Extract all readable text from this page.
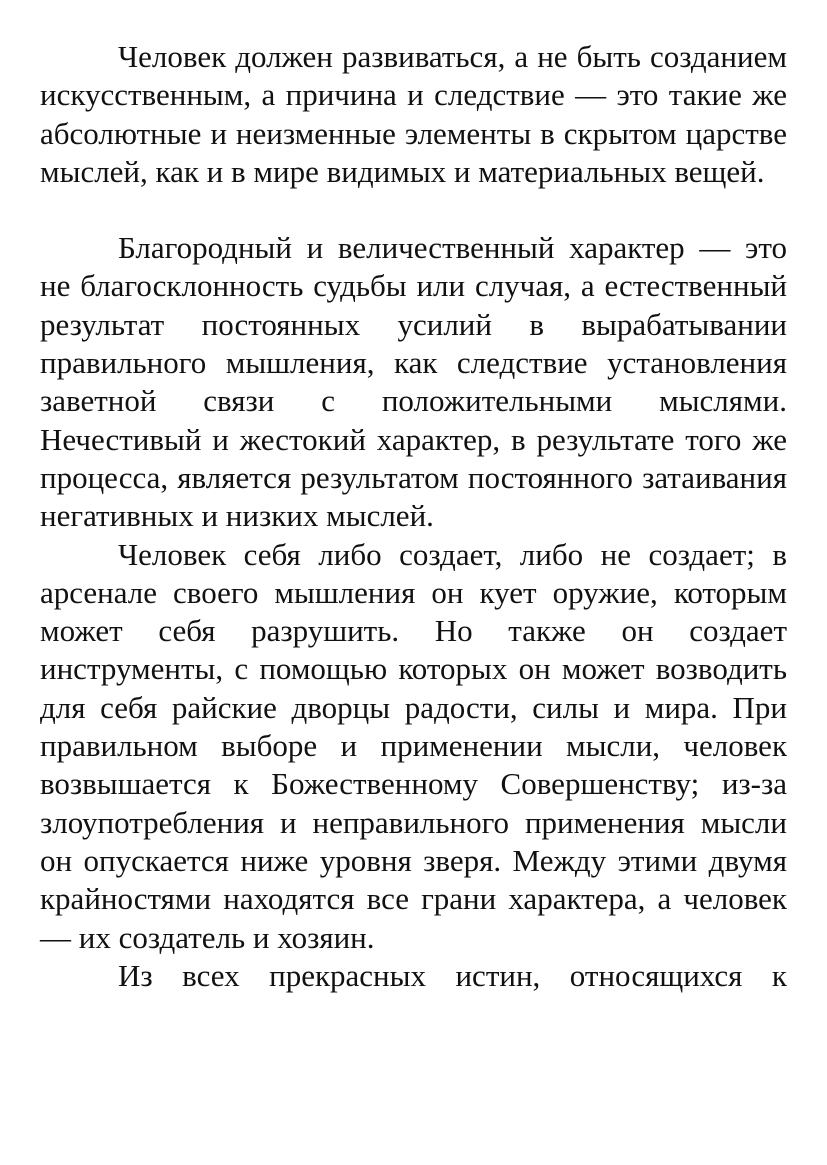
Человек должен развиваться, а не быть созданием искусственным, а причина и следствие — это такие же абсолютные и неизменные элементы в скрытом царстве мыслей, как и в мире видимых и материальных вещей.

Благородный и величественный характер — это не благосклонность судьбы или случая, а естественный результат постоянных усилий в вырабатывании правильного мышления, как следствие установления заветной связи с положительными мыслями. Нечестивый и жестокий характер, в результате того же процесса, является результатом постоянного затаивания негативных и низких мыслей.

Человек себя либо создает, либо не создает; в арсенале своего мышления он кует оружие, которым может себя разрушить. Но также он создает инструменты, с помощью которых он может возводить для себя райские дворцы радости, силы и мира. При правильном выборе и применении мысли, человек возвышается к Божественному Совершенству; из-за злоупотребления и неправильного применения мысли он опускается ниже уровня зверя. Между этими двумя крайностями находятся все грани характера, а человек — их создатель и хозяин.

Из всех прекрасных истин, относящихся к
